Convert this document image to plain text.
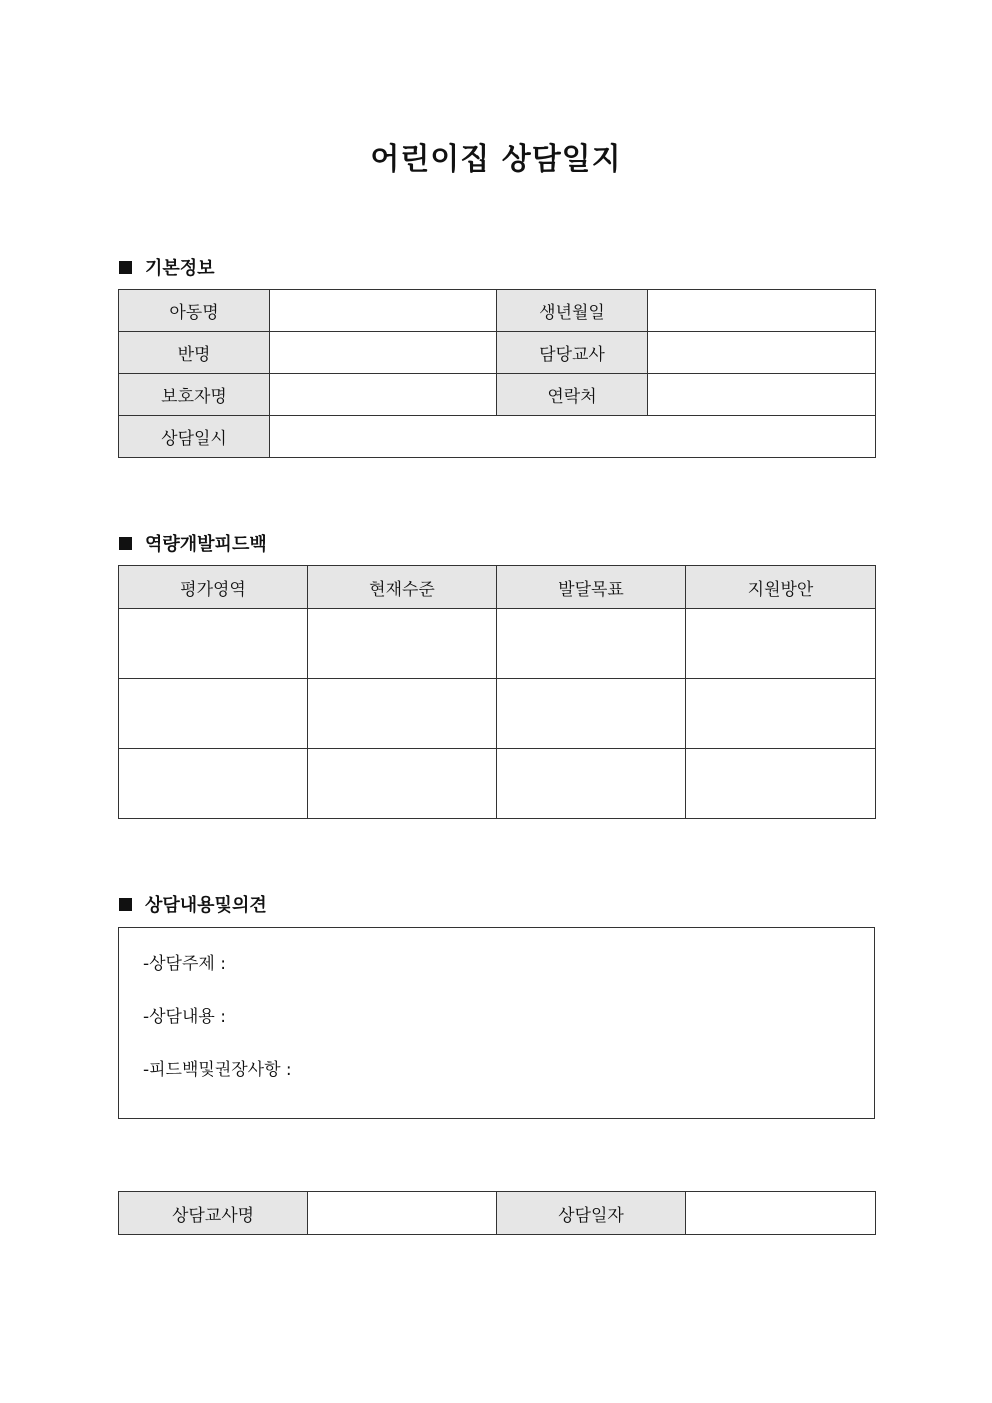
어린이집 상담일지
기본정보
아동명		생년월일	
반명		담당교사	
보호자명		연락처	
상담일시			
역량개발피드백
평가영역	현재수준	발달목표	지원방안

상담내용및의견
-상담주제 :
-상담내용 :
-피드백및권장사항 :
상담교사명		상담일자	
